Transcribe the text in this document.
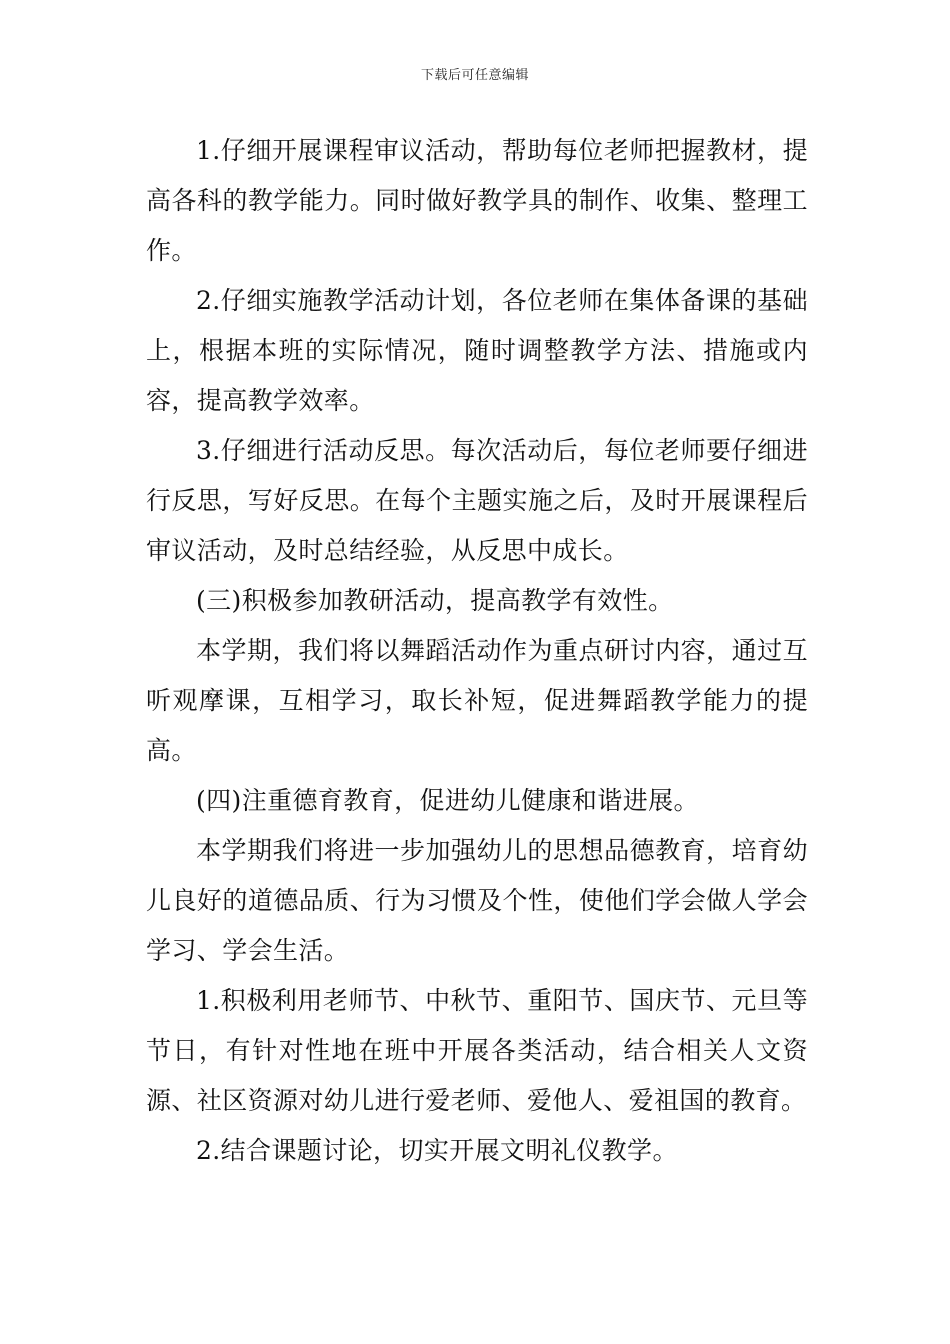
下载后可任意编辑

1.仔细开展课程审议活动，帮助每位老师把握教材，提高各科的教学能力。同时做好教学具的制作、收集、整理工作。

2.仔细实施教学活动计划，各位老师在集体备课的基础上，根据本班的实际情况，随时调整教学方法、措施或内容，提高教学效率。

3.仔细进行活动反思。每次活动后，每位老师要仔细进行反思，写好反思。在每个主题实施之后，及时开展课程后审议活动，及时总结经验，从反思中成长。

(三)积极参加教研活动，提高教学有效性。

本学期，我们将以舞蹈活动作为重点研讨内容，通过互听观摩课，互相学习，取长补短，促进舞蹈教学能力的提高。

(四)注重德育教育，促进幼儿健康和谐进展。

本学期我们将进一步加强幼儿的思想品德教育，培育幼儿良好的道德品质、行为习惯及个性，使他们学会做人学会学习、学会生活。

1.积极利用老师节、中秋节、重阳节、国庆节、元旦等节日，有针对性地在班中开展各类活动，结合相关人文资源、社区资源对幼儿进行爱老师、爱他人、爱祖国的教育。

2.结合课题讨论，切实开展文明礼仪教学。
